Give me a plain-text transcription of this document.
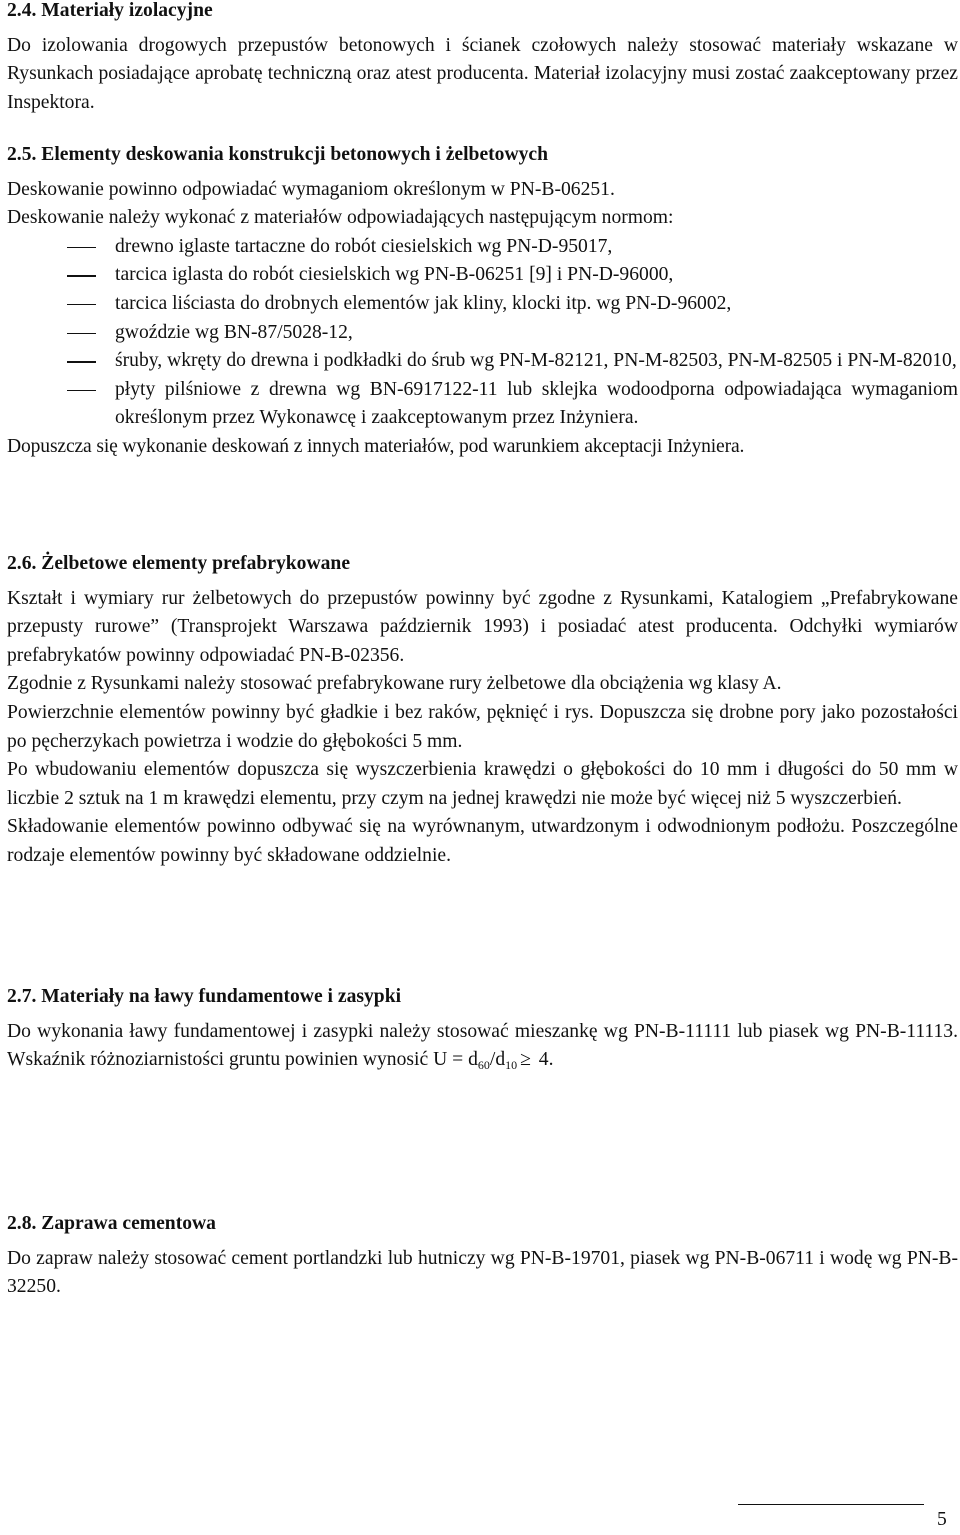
2.4. Materiały izolacyjne

Do izolowania drogowych przepustów betonowych i ścianek czołowych należy stosować materiały wskazane w Rysunkach posiadające aprobatę techniczną oraz atest producenta. Materiał izolacyjny musi zostać zaakceptowany przez Inspektora.

2.5. Elementy deskowania konstrukcji betonowych i żelbetowych

Deskowanie powinno odpowiadać wymaganiom określonym w PN-B-06251.

Deskowanie należy wykonać z materiałów odpowiadających następującym normom:

drewno iglaste tartaczne do robót ciesielskich wg PN-D-95017,
tarcica iglasta do robót ciesielskich wg PN-B-06251 [9] i PN-D-96000,
tarcica liściasta do drobnych elementów jak kliny, klocki itp. wg PN-D-96002,
gwoździe wg BN-87/5028-12,
śruby, wkręty do drewna i podkładki do śrub wg PN-M-82121, PN-M-82503, PN-M-82505 i PN-M-82010,
płyty pilśniowe z drewna wg BN-6917122-11 lub sklejka wodoodporna odpowiadająca wymaganiom określonym przez Wykonawcę i zaakceptowanym przez Inżyniera.

Dopuszcza się wykonanie deskowań z innych materiałów, pod warunkiem akceptacji Inżyniera.

2.6. Żelbetowe elementy prefabrykowane

Kształt i wymiary rur żelbetowych do przepustów powinny być zgodne z Rysunkami, Katalogiem „Prefabrykowane przepusty rurowe” (Transprojekt Warszawa październik 1993) i posiadać atest producenta. Odchyłki wymiarów prefabrykatów powinny odpowiadać PN-B-02356.

Zgodnie z Rysunkami należy stosować prefabrykowane rury żelbetowe dla obciążenia wg klasy A.

Powierzchnie elementów powinny być gładkie i bez raków, pęknięć i rys. Dopuszcza się drobne pory jako pozostałości po pęcherzykach powietrza i wodzie do głębokości 5 mm.

Po wbudowaniu elementów dopuszcza się wyszczerbienia krawędzi o głębokości do 10 mm i długości do 50 mm w liczbie 2 sztuk na 1 m krawędzi elementu, przy czym na jednej krawędzi nie może być więcej niż 5 wyszczerbień.

Składowanie elementów powinno odbywać się na wyrównanym, utwardzonym i odwodnionym podłożu. Poszczególne rodzaje elementów powinny być składowane oddzielnie.

2.7. Materiały na ławy fundamentowe i zasypki

Do wykonania ławy fundamentowej i zasypki należy stosować mieszankę wg PN-B-11111 lub piasek wg PN-B-11113. Wskaźnik różnoziarnistości gruntu powinien wynosić $U = d_{60}/d_{10} \ge 4$.

2.8. Zaprawa cementowa

Do zapraw należy stosować cement portlandzki lub hutniczy wg PN-B-19701, piasek wg PN-B-06711 i wodę wg PN-B-32250.

5
